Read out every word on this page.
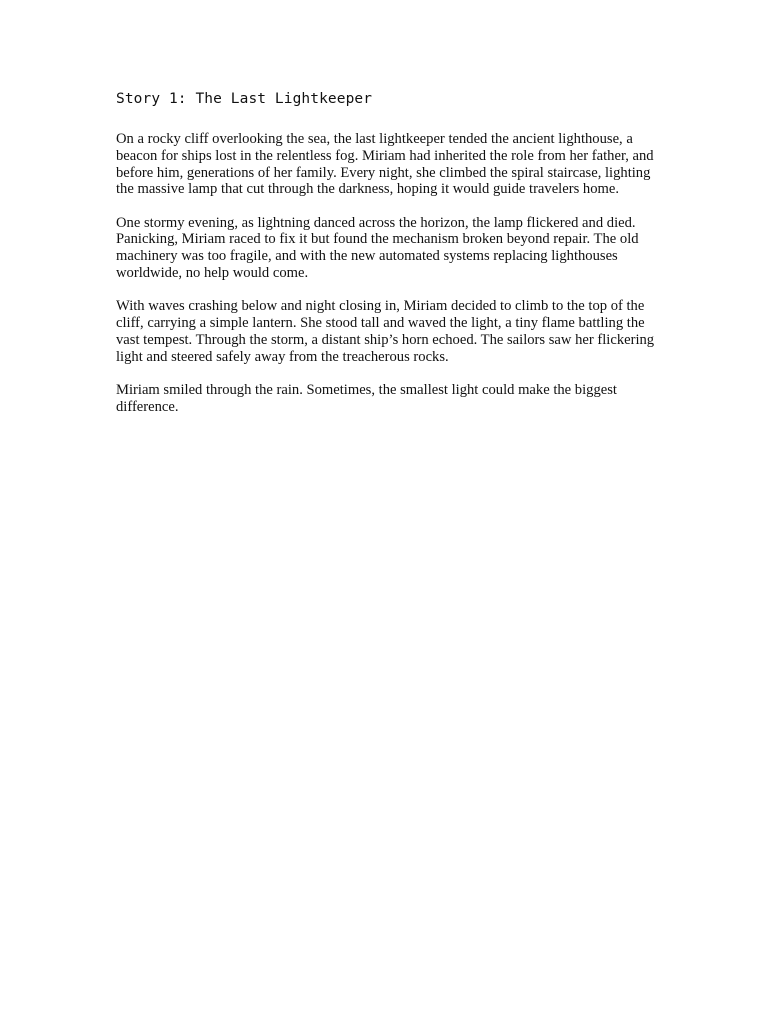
Story 1: The Last Lightkeeper

On a rocky cliff overlooking the sea, the last lightkeeper tended the ancient lighthouse, a beacon for ships lost in the relentless fog. Miriam had inherited the role from her father, and before him, generations of her family. Every night, she climbed the spiral staircase, lighting the massive lamp that cut through the darkness, hoping it would guide travelers home.

One stormy evening, as lightning danced across the horizon, the lamp flickered and died. Panicking, Miriam raced to fix it but found the mechanism broken beyond repair. The old machinery was too fragile, and with the new automated systems replacing lighthouses worldwide, no help would come.

With waves crashing below and night closing in, Miriam decided to climb to the top of the cliff, carrying a simple lantern. She stood tall and waved the light, a tiny flame battling the vast tempest. Through the storm, a distant ship’s horn echoed. The sailors saw her flickering light and steered safely away from the treacherous rocks.

Miriam smiled through the rain. Sometimes, the smallest light could make the biggest difference.
